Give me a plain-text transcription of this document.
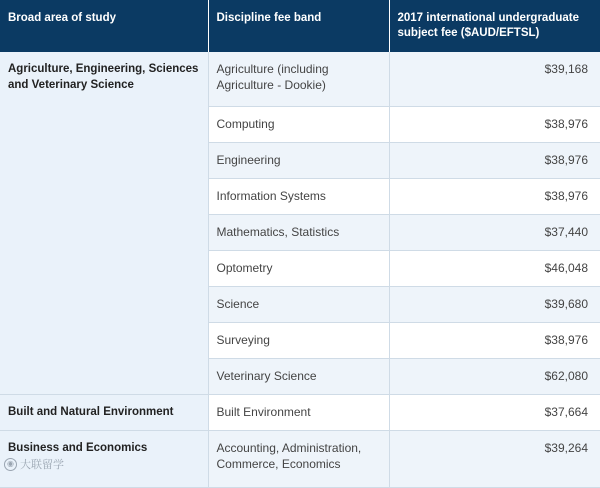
Broad area of study	Discipline fee band	2017 international undergraduate subject fee ($AUD/EFTSL)
Agriculture, Engineering, Sciences and Veterinary Science	Agriculture (including Agriculture - Dookie)	$39,168
	Computing	$38,976
	Engineering	$38,976
	Information Systems	$38,976
	Mathematics, Statistics	$37,440
	Optometry	$46,048
	Science	$39,680
	Surveying	$38,976
	Veterinary Science	$62,080
Built and Natural Environment	Built Environment	$37,664
Business and Economics	Accounting, Administration, Commerce, Economics	$39,264
◉ 大联留学
